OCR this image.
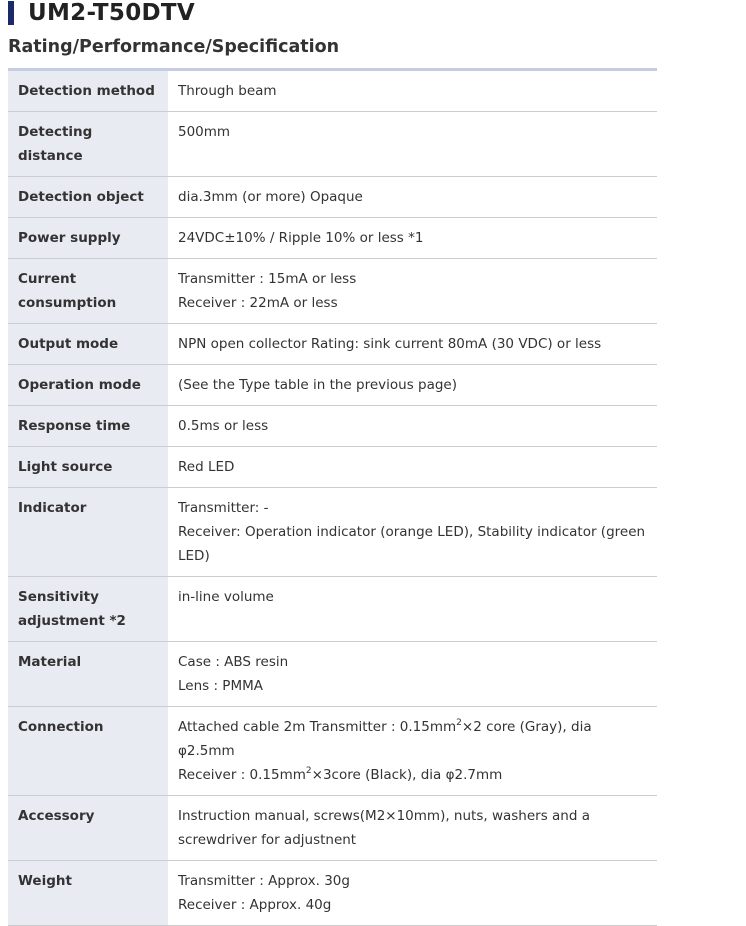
UM2-T50DTV
Rating/Performance/Specification
Detection method	Through beam

Detecting distance	500mm

Detection object	dia.3mm (or more) Opaque

Power supply	24VDC±10% / Ripple 10% or less *1

Current consumption	Transmitter : 15mA or less
Receiver : 22mA or less

Output mode	NPN open collector Rating: sink current 80mA (30 VDC) or less

Operation mode	(See the Type table in the previous page)

Response time	0.5ms or less

Light source	Red LED

Indicator	Transmitter: -
Receiver: Operation indicator (orange LED), Stability indicator (green LED)

Sensitivity adjustment *2	in-line volume

Material	Case : ABS resin
Lens : PMMA

Connection	Attached cable 2m Transmitter : $0.15mm^2\times 2$ core (Gray), dia φ2.5mm
Receiver : $0.15mm^2\times 3core$ (Black), dia φ2.7mm

Accessory	Instruction manual, screws(M2×10mm), nuts, washers and a screwdriver for adjustnent

Weight	Transmitter : Approx. 30g
Receiver : Approx. 40g
